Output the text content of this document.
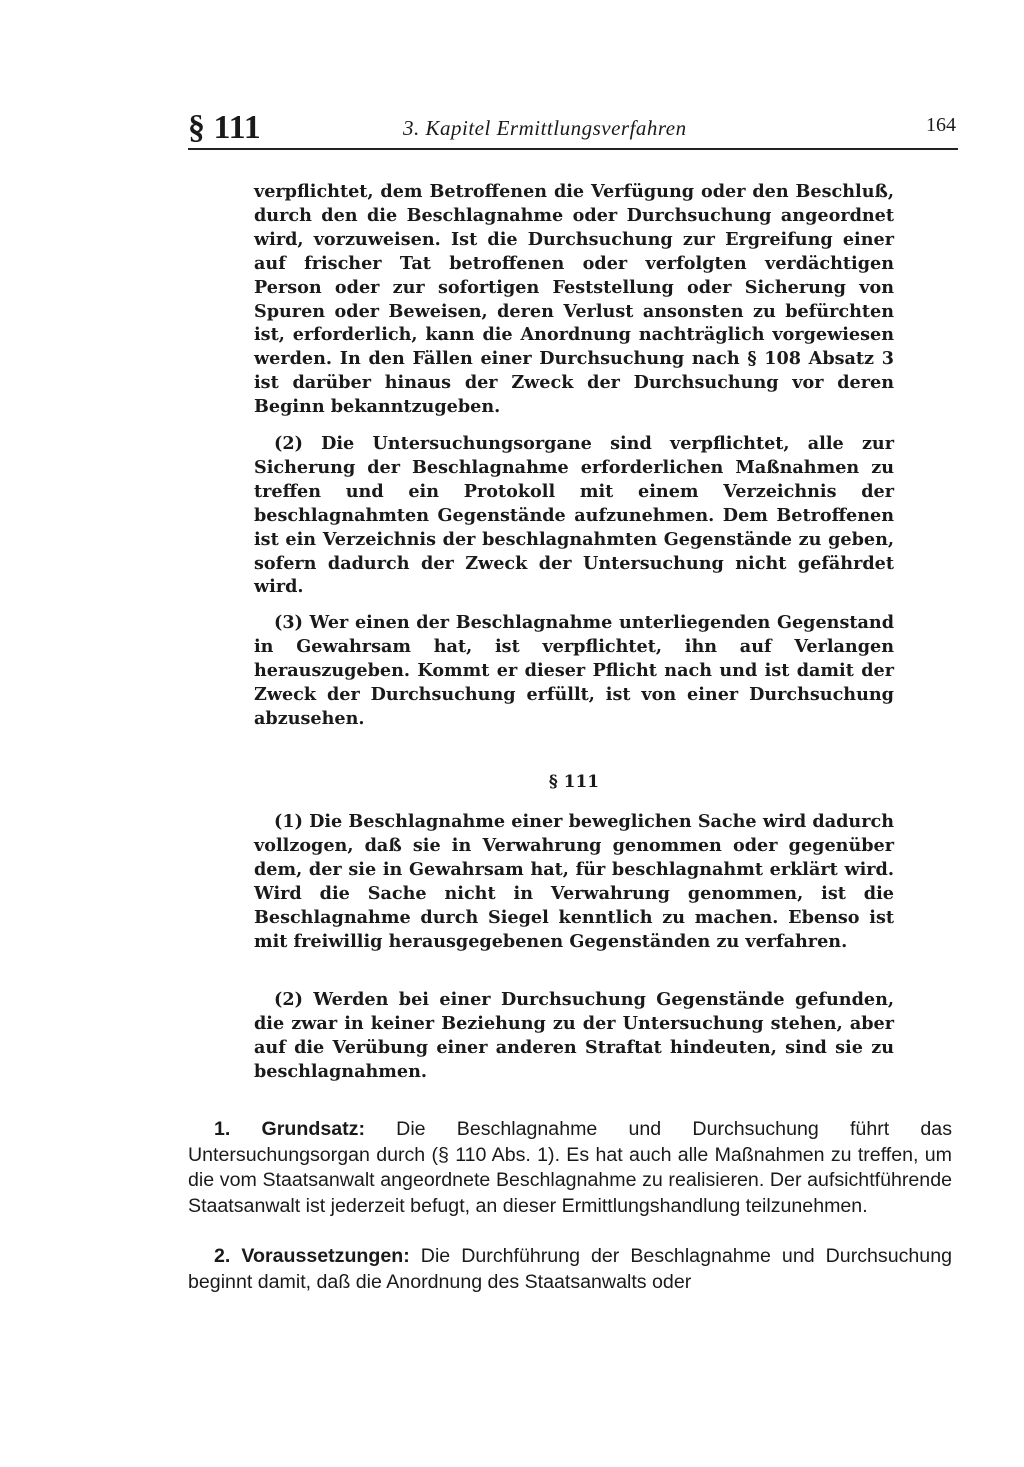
§ 111	3. Kapitel Ermittlungsverfahren	164

verpflichtet, dem Betroffenen die Verfügung oder den Beschluß, durch den die Beschlagnahme oder Durchsuchung angeordnet wird, vorzuweisen. Ist die Durchsuchung zur Ergreifung einer auf frischer Tat betroffenen oder verfolgten verdächtigen Person oder zur sofortigen Feststellung oder Sicherung von Spuren oder Beweisen, deren Verlust ansonsten zu befürchten ist, erforderlich, kann die Anordnung nachträglich vorgewiesen werden. In den Fällen einer Durchsuchung nach § 108 Absatz 3 ist darüber hinaus der Zweck der Durchsuchung vor deren Beginn bekanntzugeben.

(2) Die Untersuchungsorgane sind verpflichtet, alle zur Sicherung der Beschlagnahme erforderlichen Maßnahmen zu treffen und ein Protokoll mit einem Verzeichnis der beschlagnahmten Gegenstände aufzunehmen. Dem Betroffenen ist ein Verzeichnis der beschlagnahmten Gegenstände zu geben, sofern dadurch der Zweck der Untersuchung nicht gefährdet wird.

(3) Wer einen der Beschlagnahme unterliegenden Gegenstand in Gewahrsam hat, ist verpflichtet, ihn auf Verlangen herauszugeben. Kommt er dieser Pflicht nach und ist damit der Zweck der Durchsuchung erfüllt, ist von einer Durchsuchung abzusehen.

§ 111

(1) Die Beschlagnahme einer beweglichen Sache wird dadurch vollzogen, daß sie in Verwahrung genommen oder gegenüber dem, der sie in Gewahrsam hat, für beschlagnahmt erklärt wird. Wird die Sache nicht in Verwahrung genommen, ist die Beschlagnahme durch Siegel kenntlich zu machen. Ebenso ist mit freiwillig herausgegebenen Gegenständen zu verfahren.

(2) Werden bei einer Durchsuchung Gegenstände gefunden, die zwar in keiner Beziehung zu der Untersuchung stehen, aber auf die Verübung einer anderen Straftat hindeuten, sind sie zu beschlagnahmen.

1. Grundsatz: Die Beschlagnahme und Durchsuchung führt das Untersuchungsorgan durch (§ 110 Abs. 1). Es hat auch alle Maßnahmen zu treffen, um die vom Staatsanwalt angeordnete Beschlagnahme zu realisieren. Der aufsichtführende Staatsanwalt ist jederzeit befugt, an dieser Ermittlungshandlung teilzunehmen.

2. Voraussetzungen: Die Durchführung der Beschlagnahme und Durchsuchung beginnt damit, daß die Anordnung des Staatsanwalts oder
